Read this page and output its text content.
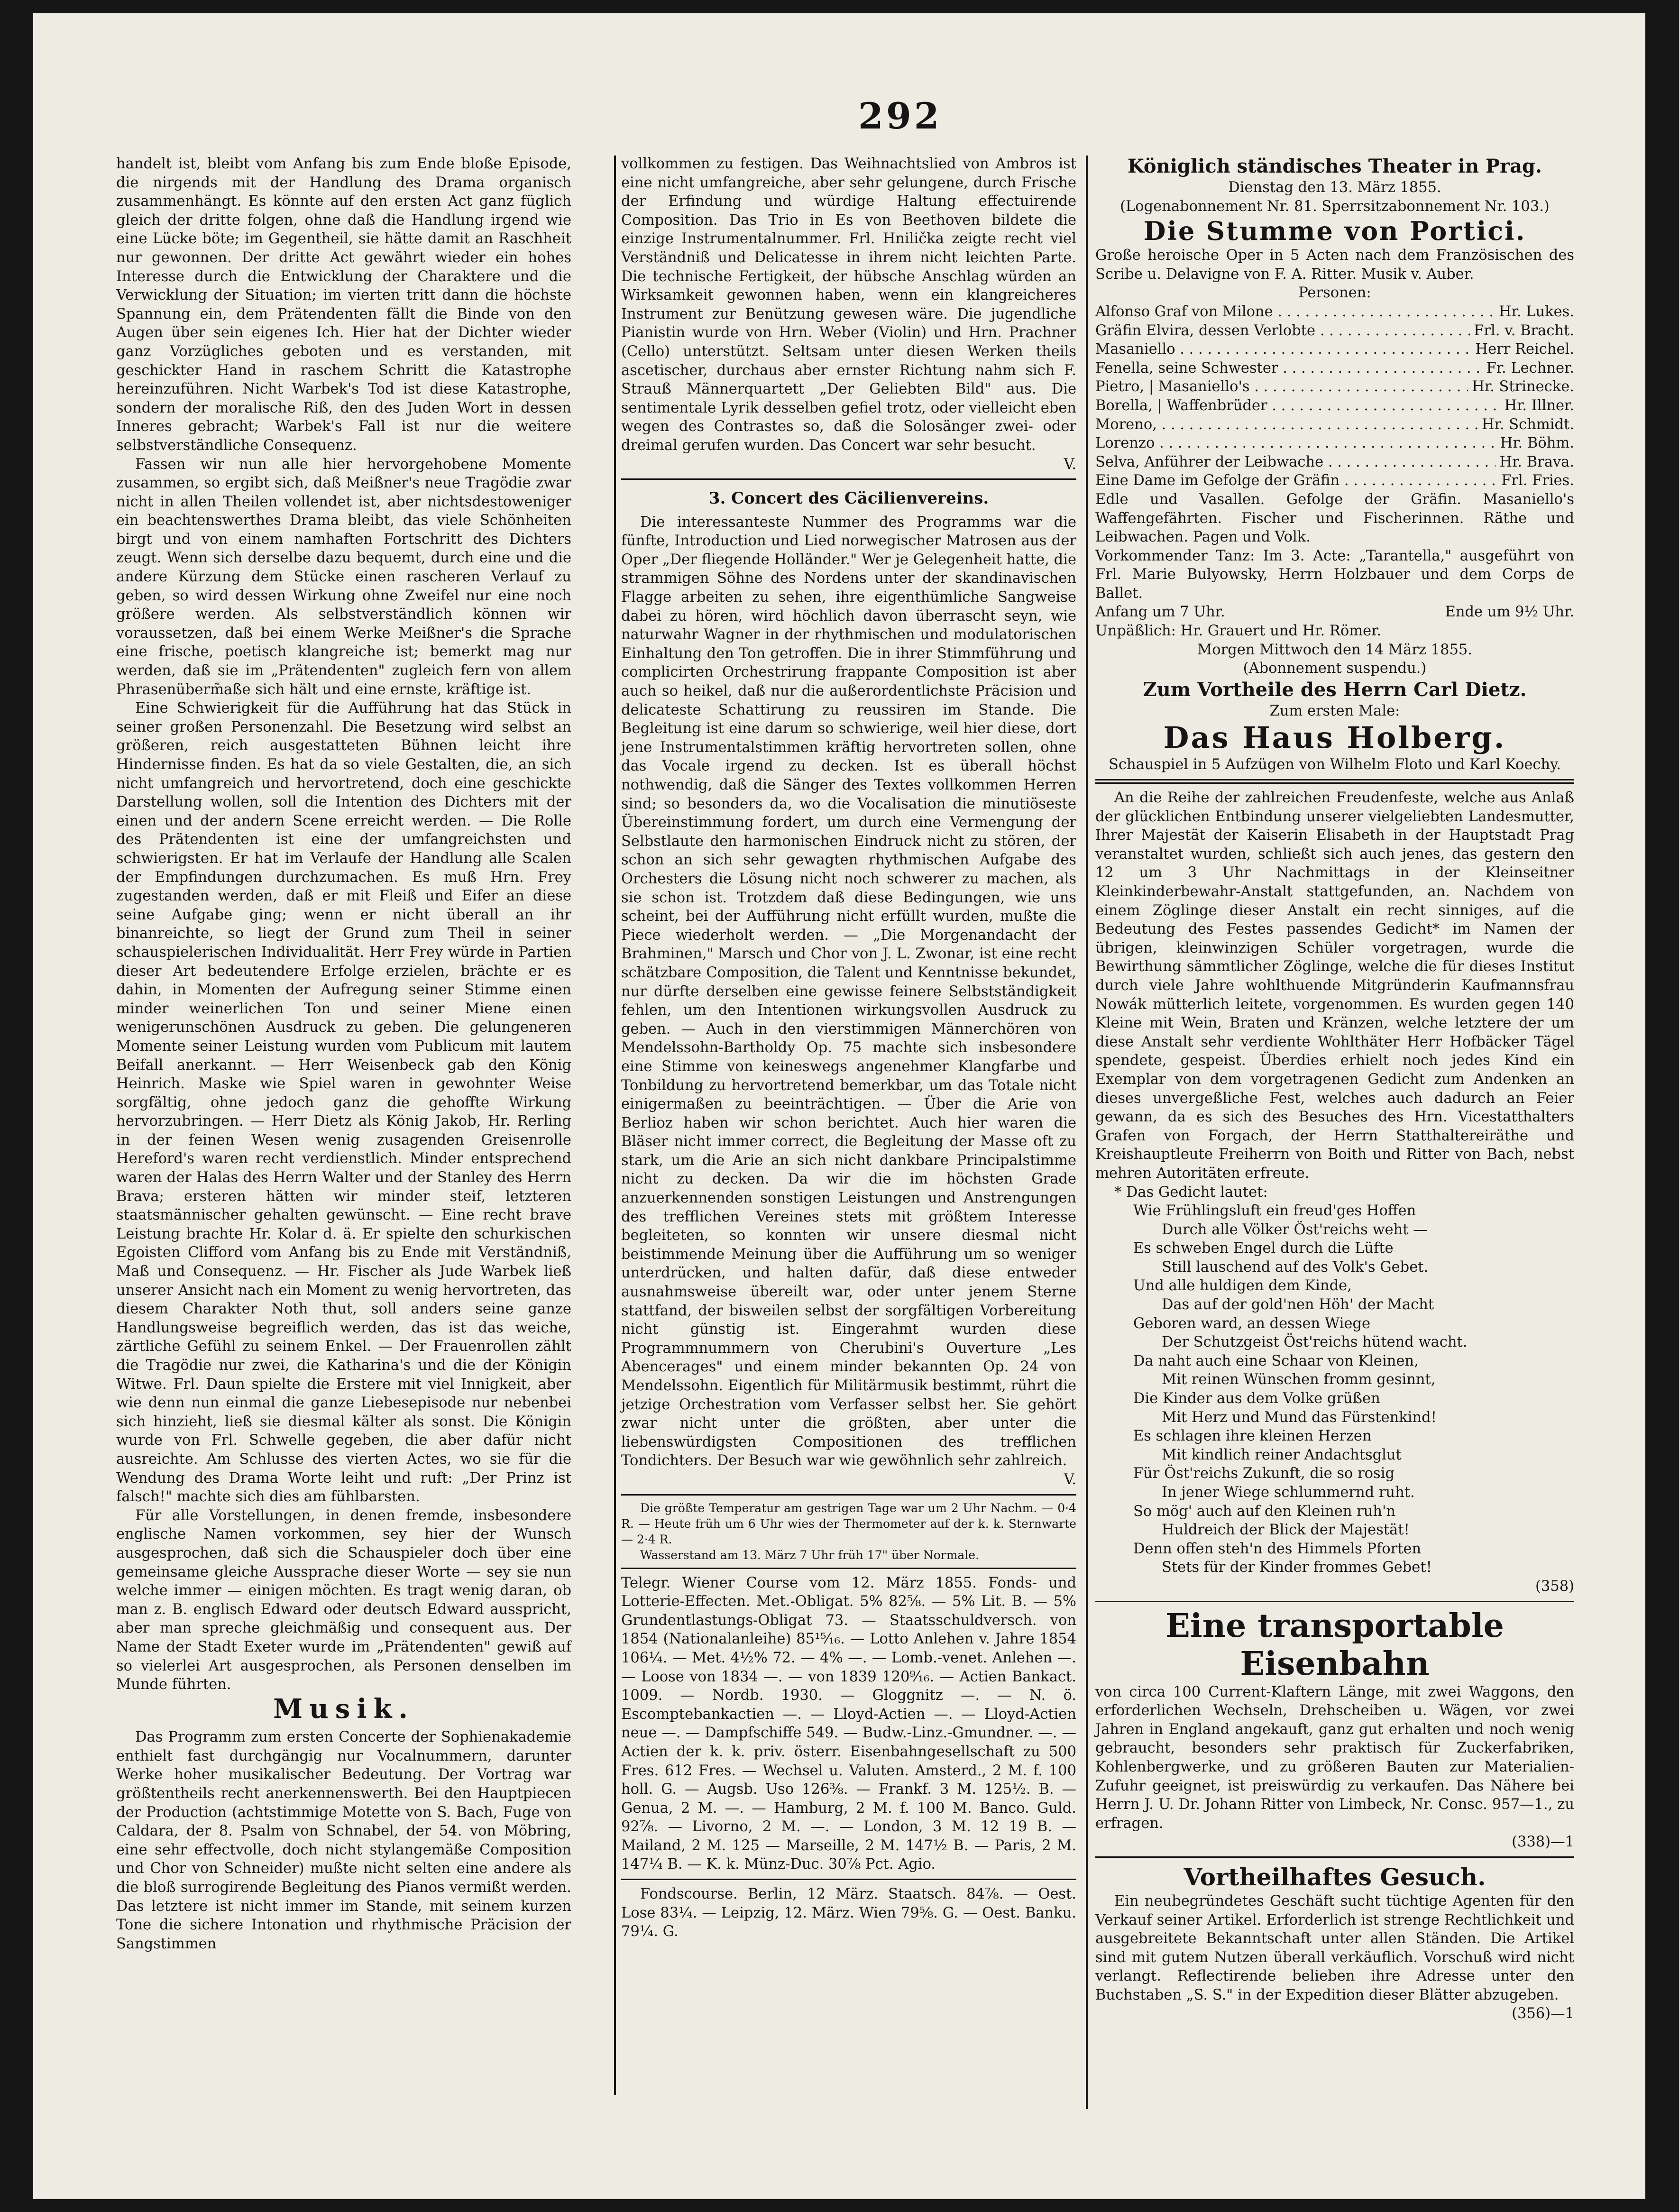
292

handelt ist, bleibt vom Anfang bis zum Ende bloße Episode, die nirgends mit der Handlung des Drama organisch zusammenhängt. Es könnte auf den ersten Act ganz füglich gleich der dritte folgen, ohne daß die Handlung irgend wie eine Lücke böte; im Gegentheil, sie hätte damit an Raschheit nur gewonnen. Der dritte Act gewährt wieder ein hohes Interesse durch die Entwicklung der Charaktere und die Verwicklung der Situation; im vierten tritt dann die höchste Spannung ein, dem Prätendenten fällt die Binde von den Augen über sein eigenes Ich. Hier hat der Dichter wieder ganz Vorzügliches geboten und es verstanden, mit geschickter Hand in raschem Schritt die Katastrophe hereinzuführen. Nicht Warbek's Tod ist diese Katastrophe, sondern der moralische Riß, den des Juden Wort in dessen Inneres gebracht; Warbek's Fall ist nur die weitere selbstverständliche Consequenz.

Fassen wir nun alle hier hervorgehobene Momente zusammen, so ergibt sich, daß Meißner's neue Tragödie zwar nicht in allen Theilen vollendet ist, aber nichtsdestoweniger ein beachtenswerthes Drama bleibt, das viele Schönheiten birgt und von einem namhaften Fortschritt des Dichters zeugt. Wenn sich derselbe dazu bequemt, durch eine und die andere Kürzung dem Stücke einen rascheren Verlauf zu geben, so wird dessen Wirkung ohne Zweifel nur eine noch größere werden. Als selbstverständlich können wir voraussetzen, daß bei einem Werke Meißner's die Sprache eine frische, poetisch klangreiche ist; bemerkt mag nur werden, daß sie im „Prätendenten" zugleich fern von allem Phrasenüberm̃aße sich hält und eine ernste, kräftige ist.

Eine Schwierigkeit für die Aufführung hat das Stück in seiner großen Personenzahl. Die Besetzung wird selbst an größeren, reich ausgestatteten Bühnen leicht ihre Hindernisse finden. Es hat da so viele Gestalten, die, an sich nicht umfangreich und hervortretend, doch eine geschickte Darstellung wollen, soll die Intention des Dichters mit der einen und der andern Scene erreicht werden. — Die Rolle des Prätendenten ist eine der umfangreichsten und schwierigsten. Er hat im Verlaufe der Handlung alle Scalen der Empfindungen durchzumachen. Es muß Hrn. Frey zugestanden werden, daß er mit Fleiß und Eifer an diese seine Aufgabe ging; wenn er nicht überall an ihr binanreichte, so liegt der Grund zum Theil in seiner schauspielerischen Individualität. Herr Frey würde in Partien dieser Art bedeutendere Erfolge erzielen, brächte er es dahin, in Momenten der Aufregung seiner Stimme einen minder weinerlichen Ton und seiner Miene einen wenigerunschönen Ausdruck zu geben. Die gelungeneren Momente seiner Leistung wurden vom Publicum mit lautem Beifall anerkannt. — Herr Weisenbeck gab den König Heinrich. Maske wie Spiel waren in gewohnter Weise sorgfältig, ohne jedoch ganz die gehoffte Wirkung hervorzubringen. — Herr Dietz als König Jakob, Hr. Rerling in der feinen Wesen wenig zusagenden Greisenrolle Hereford's waren recht verdienstlich. Minder entsprechend waren der Halas des Herrn Walter und der Stanley des Herrn Brava; ersteren hätten wir minder steif, letzteren staatsmännischer gehalten gewünscht. — Eine recht brave Leistung brachte Hr. Kolar d. ä. Er spielte den schurkischen Egoisten Clifford vom Anfang bis zu Ende mit Verständniß, Maß und Consequenz. — Hr. Fischer als Jude Warbek ließ unserer Ansicht nach ein Moment zu wenig hervortreten, das diesem Charakter Noth thut, soll anders seine ganze Handlungsweise begreiflich werden, das ist das weiche, zärtliche Gefühl zu seinem Enkel. — Der Frauenrollen zählt die Tragödie nur zwei, die Katharina's und die der Königin Witwe. Frl. Daun spielte die Erstere mit viel Innigkeit, aber wie denn nun einmal die ganze Liebesepisode nur nebenbei sich hinzieht, ließ sie diesmal kälter als sonst. Die Königin wurde von Frl. Schwelle gegeben, die aber dafür nicht ausreichte. Am Schlusse des vierten Actes, wo sie für die Wendung des Drama Worte leiht und ruft: „Der Prinz ist falsch!" machte sich dies am fühlbarsten.

Für alle Vorstellungen, in denen fremde, insbesondere englische Namen vorkommen, sey hier der Wunsch ausgesprochen, daß sich die Schauspieler doch über eine gemeinsame gleiche Aussprache dieser Worte — sey sie nun welche immer — einigen möchten. Es tragt wenig daran, ob man z. B. englisch Edward oder deutsch Edward ausspricht, aber man spreche gleichmäßig und consequent aus. Der Name der Stadt Exeter wurde im „Prätendenten" gewiß auf so vielerlei Art ausgesprochen, als Personen denselben im Munde führten.

Musik.

Das Programm zum ersten Concerte der Sophienakademie enthielt fast durchgängig nur Vocalnummern, darunter Werke hoher musikalischer Bedeutung. Der Vortrag war größtentheils recht anerkennenswerth. Bei den Hauptpiecen der Production (achtstimmige Motette von S. Bach, Fuge von Caldara, der 8. Psalm von Schnabel, der 54. von Möbring, eine sehr effectvolle, doch nicht stylangemäße Composition und Chor von Schneider) mußte nicht selten eine andere als die bloß surrogirende Begleitung des Pianos vermißt werden. Das letztere ist nicht immer im Stande, mit seinem kurzen Tone die sichere Intonation und rhythmische Präcision der Sangstimmen

vollkommen zu festigen. Das Weihnachtslied von Ambros ist eine nicht umfangreiche, aber sehr gelungene, durch Frische der Erfindung und würdige Haltung effectuirende Composition. Das Trio in Es von Beethoven bildete die einzige Instrumentalnummer. Frl. Hnilička zeigte recht viel Verständniß und Delicatesse in ihrem nicht leichten Parte. Die technische Fertigkeit, der hübsche Anschlag würden an Wirksamkeit gewonnen haben, wenn ein klangreicheres Instrument zur Benützung gewesen wäre. Die jugendliche Pianistin wurde von Hrn. Weber (Violin) und Hrn. Prachner (Cello) unterstützt. Seltsam unter diesen Werken theils ascetischer, durchaus aber ernster Richtung nahm sich F. Strauß Männerquartett „Der Geliebten Bild" aus. Die sentimentale Lyrik desselben gefiel trotz, oder vielleicht eben wegen des Contrastes so, daß die Solosänger zwei- oder dreimal gerufen wurden. Das Concert war sehr besucht.

V.
3. Concert des Cäcilienvereins.

Die interessanteste Nummer des Programms war die fünfte, Introduction und Lied norwegischer Matrosen aus der Oper „Der fliegende Holländer." Wer je Gelegenheit hatte, die strammigen Söhne des Nordens unter der skandinavischen Flagge arbeiten zu sehen, ihre eigenthümliche Sangweise dabei zu hören, wird höchlich davon überrascht seyn, wie naturwahr Wagner in der rhythmischen und modulatorischen Einhaltung den Ton getroffen. Die in ihrer Stimmführung und complicirten Orchestrirung frappante Composition ist aber auch so heikel, daß nur die außerordentlichste Präcision und delicateste Schattirung zu reussiren im Stande. Die Begleitung ist eine darum so schwierige, weil hier diese, dort jene Instrumentalstimmen kräftig hervortreten sollen, ohne das Vocale irgend zu decken. Ist es überall höchst nothwendig, daß die Sänger des Textes vollkommen Herren sind; so besonders da, wo die Vocalisation die minutiöseste Übereinstimmung fordert, um durch eine Vermengung der Selbstlaute den harmonischen Eindruck nicht zu stören, der schon an sich sehr gewagten rhythmischen Aufgabe des Orchesters die Lösung nicht noch schwerer zu machen, als sie schon ist. Trotzdem daß diese Bedingungen, wie uns scheint, bei der Aufführung nicht erfüllt wurden, mußte die Piece wiederholt werden. — „Die Morgenandacht der Brahminen," Marsch und Chor von J. L. Zwonar, ist eine recht schätzbare Composition, die Talent und Kenntnisse bekundet, nur dürfte derselben eine gewisse feinere Selbstständigkeit fehlen, um den Intentionen wirkungsvollen Ausdruck zu geben. — Auch in den vierstimmigen Männerchören von Mendelssohn-Bartholdy Op. 75 machte sich insbesondere eine Stimme von keineswegs angenehmer Klangfarbe und Tonbildung zu hervortretend bemerkbar, um das Totale nicht einigermaßen zu beeinträchtigen. — Über die Arie von Berlioz haben wir schon berichtet. Auch hier waren die Bläser nicht immer correct, die Begleitung der Masse oft zu stark, um die Arie an sich nicht dankbare Principalstimme nicht zu decken. Da wir die im höchsten Grade anzuerkennenden sonstigen Leistungen und Anstrengungen des trefflichen Vereines stets mit größtem Interesse begleiteten, so konnten wir unsere diesmal nicht beistimmende Meinung über die Aufführung um so weniger unterdrücken, und halten dafür, daß diese entweder ausnahmsweise übereilt war, oder unter jenem Sterne stattfand, der bisweilen selbst der sorgfältigen Vorbereitung nicht günstig ist. Eingerahmt wurden diese Programmnummern von Cherubini's Ouverture „Les Abencerages" und einem minder bekannten Op. 24 von Mendelssohn. Eigentlich für Militärmusik bestimmt, rührt die jetzige Orchestration vom Verfasser selbst her. Sie gehört zwar nicht unter die größten, aber unter die liebenswürdigsten Compositionen des trefflichen Tondichters. Der Besuch war wie gewöhnlich sehr zahlreich.

V.

Die größte Temperatur am gestrigen Tage war um 2 Uhr Nachm. — 0·4 R. — Heute früh um 6 Uhr wies der Thermometer auf der k. k. Sternwarte — 2·4 R.

Wasserstand am 13. März 7 Uhr früh 17" über Normale.

Telegr. Wiener Course vom 12. März 1855. Fonds- und Lotterie-Effecten. Met.-Obligat. 5% 82⅝. — 5% Lit. B. — 5% Grundentlastungs-Obligat 73. — Staatsschuldversch. von 1854 (Nationalanleihe) 85¹⁵⁄₁₆. — Lotto Anlehen v. Jahre 1854 106¼. — Met. 4½% 72. — 4% —. — Lomb.-venet. Anlehen —. — Loose von 1834 —. — von 1839 120⁹⁄₁₆. — Actien Bankact. 1009. — Nordb. 1930. — Gloggnitz —. — N. ö. Escomptebankactien —. — Lloyd-Actien —. — Lloyd-Actien neue —. — Dampfschiffe 549. — Budw.-Linz.-Gmundner. —. — Actien der k. k. priv. österr. Eisenbahngesellschaft zu 500 Fres. 612 Fres. — Wechsel u. Valuten. Amsterd., 2 M. f. 100 holl. G. — Augsb. Uso 126⅜. — Frankf. 3 M. 125½. B. — Genua, 2 M. —. — Hamburg, 2 M. f. 100 M. Banco. Guld. 92⅞. — Livorno, 2 M. —. — London, 3 M. 12 19 B. — Mailand, 2 M. 125 — Marseille, 2 M. 147½ B. — Paris, 2 M. 147¼ B. — K. k. Münz-Duc. 30⅞ Pct. Agio.

Fondscourse. Berlin, 12 März. Staatsch. 84⅞. — Oest. Lose 83¼. — Leipzig, 12. März. Wien 79⅝. G. — Oest. Banku. 79¼. G.

Königlich ständisches Theater in Prag.
Dienstag den 13. März 1855.
(Logenabonnement Nr. 81. Sperrsitzabonnement Nr. 103.)
Die Stumme von Portici.

Große heroische Oper in 5 Acten nach dem Französischen des Scribe u. Delavigne von F. A. Ritter. Musik v. Auber.

Personen:
Alfonso Graf von Milone . . .	Hr. Lukes.
Gräfin Elvira, dessen Verlobte . . .	Frl. v. Bracht.
Masaniello . . .	Herr Reichel.
Fenella, seine Schwester . . .	Fr. Lechner.
Pietro, | Masaniello's . . .	Hr. Strinecke.
Borella, | Waffenbrüder . . .	Hr. Illner.
Moreno, . . .	Hr. Schmidt.
Lorenzo . . .	Hr. Böhm.
Selva, Anführer der Leibwache . . .	Hr. Brava.
Eine Dame im Gefolge der Gräfin . . .	Frl. Fries.

Edle und Vasallen. Gefolge der Gräfin. Masaniello's Waffengefährten. Fischer und Fischerinnen. Räthe und Leibwachen. Pagen und Volk.

Vorkommender Tanz: Im 3. Acte: „Tarantella," ausgeführt von Frl. Marie Bulyowsky, Herrn Holzbauer und dem Corps de Ballet.

Anfang um 7 Uhr.	Ende um 9½ Uhr.

Unpäßlich: Hr. Grauert und Hr. Römer.

Morgen Mittwoch den 14 März 1855.
(Abonnement suspendu.)
Zum Vortheile des Herrn Carl Dietz.
Zum ersten Male:
Das Haus Holberg.

Schauspiel in 5 Aufzügen von Wilhelm Floto und Karl Koechy.

An die Reihe der zahlreichen Freudenfeste, welche aus Anlaß der glücklichen Entbindung unserer vielgeliebten Landesmutter, Ihrer Majestät der Kaiserin Elisabeth in der Hauptstadt Prag veranstaltet wurden, schließt sich auch jenes, das gestern den 12 um 3 Uhr Nachmittags in der Kleinseitner Kleinkinderbewahr-Anstalt stattgefunden, an. Nachdem von einem Zöglinge dieser Anstalt ein recht sinniges, auf die Bedeutung des Festes passendes Gedicht* im Namen der übrigen, kleinwinzigen Schüler vorgetragen, wurde die Bewirthung sämmtlicher Zöglinge, welche die für dieses Institut durch viele Jahre wohlthuende Mitgründerin Kaufmannsfrau Nowák mütterlich leitete, vorgenommen. Es wurden gegen 140 Kleine mit Wein, Braten und Kränzen, welche letztere der um diese Anstalt sehr verdiente Wohlthäter Herr Hofbäcker Tägel spendete, gespeist. Überdies erhielt noch jedes Kind ein Exemplar von dem vorgetragenen Gedicht zum Andenken an dieses unvergeßliche Fest, welches auch dadurch an Feier gewann, da es sich des Besuches des Hrn. Vicestatthalters Grafen von Forgach, der Herrn Statthaltereiräthe und Kreishauptleute Freiherrn von Boith und Ritter von Bach, nebst mehren Autoritäten erfreute.

* Das Gedicht lautet:

Wie Frühlingsluft ein freud'ges Hoffen
Durch alle Völker Öst'reichs weht —
Es schweben Engel durch die Lüfte
Still lauschend auf des Volk's Gebet.
Und alle huldigen dem Kinde,
Das auf der gold'nen Höh' der Macht
Geboren ward, an dessen Wiege
Der Schutzgeist Öst'reichs hütend wacht.
Da naht auch eine Schaar von Kleinen,
Mit reinen Wünschen fromm gesinnt,
Die Kinder aus dem Volke grüßen
Mit Herz und Mund das Fürstenkind!
Es schlagen ihre kleinen Herzen
Mit kindlich reiner Andachtsglut
Für Öst'reichs Zukunft, die so rosig
In jener Wiege schlummernd ruht.
So mög' auch auf den Kleinen ruh'n
Huldreich der Blick der Majestät!
Denn offen steh'n des Himmels Pforten
Stets für der Kinder frommes Gebet!
(358)
Eine transportable Eisenbahn

von circa 100 Current-Klaftern Länge, mit zwei Waggons, den erforderlichen Wechseln, Drehscheiben u. Wägen, vor zwei Jahren in England angekauft, ganz gut erhalten und noch wenig gebraucht, besonders sehr praktisch für Zuckerfabriken, Kohlenbergwerke, und zu größeren Bauten zur Materialien-Zufuhr geeignet, ist preiswürdig zu verkaufen. Das Nähere bei Herrn J. U. Dr. Johann Ritter von Limbeck, Nr. Consc. 957—1., zu erfragen.

(338)—1
Vortheilhaftes Gesuch.

Ein neubegründetes Geschäft sucht tüchtige Agenten für den Verkauf seiner Artikel. Erforderlich ist strenge Rechtlichkeit und ausgebreitete Bekanntschaft unter allen Ständen. Die Artikel sind mit gutem Nutzen überall verkäuflich. Vorschuß wird nicht verlangt. Reflectirende belieben ihre Adresse unter den Buchstaben „S. S." in der Expedition dieser Blätter abzugeben.

(356)—1
